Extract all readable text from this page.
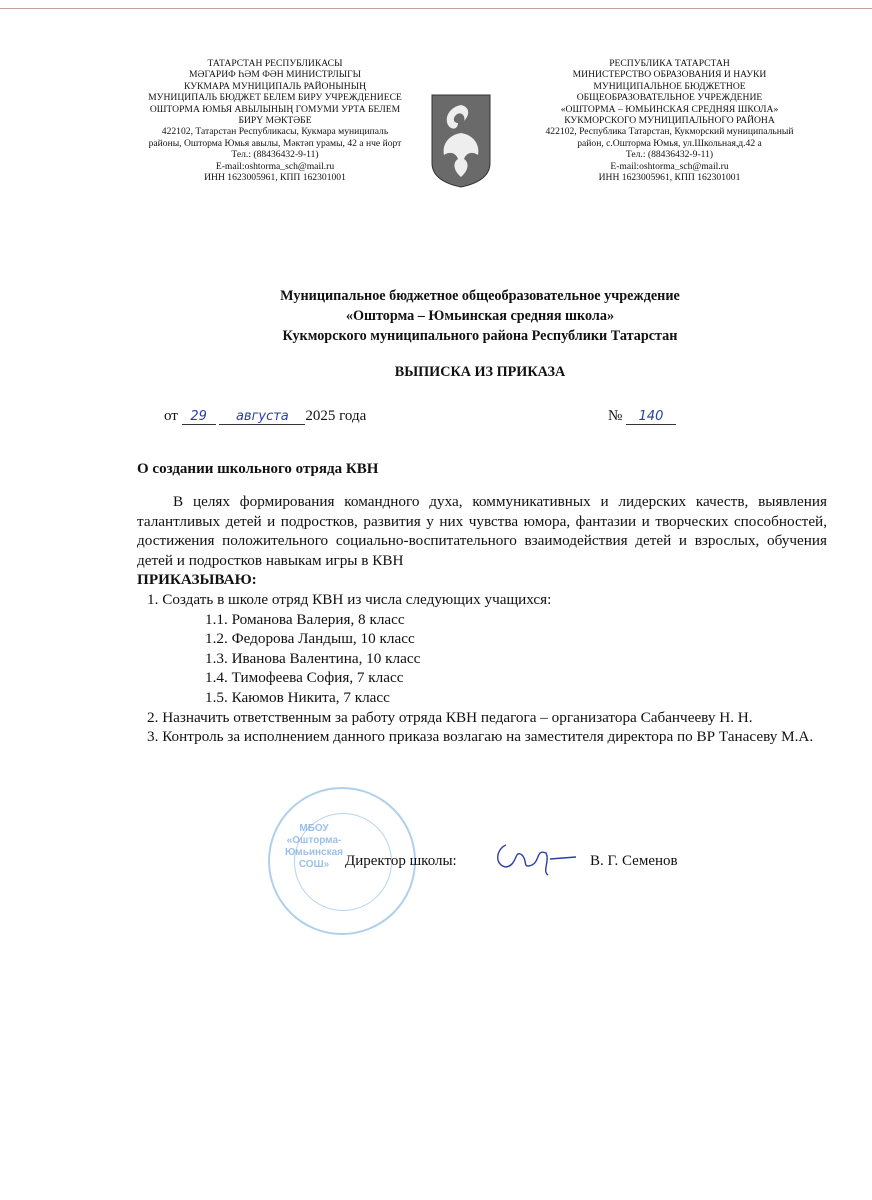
ТАТАРСТАН РЕСПУБЛИКАСЫ
МӘГАРИФ ҺӘМ ФӘН МИНИСТРЛЫГЫ
КУКМАРА МУНИЦИПАЛЬ РАЙОНЫНЫҢ
МУНИЦИПАЛЬ БЮДЖЕТ БЕЛЕМ БИРУ УЧРЕЖДЕНИЕСЕ
ОШТОРМА ЮМЬЯ АВЫЛЫНЫҢ ГОМУМИ УРТА БЕЛЕМ
БИРҮ МӘКТӘБЕ
422102, Татарстан Республикасы, Кукмара муниципаль
районы, Ошторма Юмья авылы, Мәктәп урамы, 42 а нче йорт
Тел.: (88436432-9-11)
E-mail:oshtorma_sch@mail.ru
ИНН 1623005961, КПП 162301001
РЕСПУБЛИКА ТАТАРСТАН
МИНИСТЕРСТВО ОБРАЗОВАНИЯ И НАУКИ
МУНИЦИПАЛЬНОЕ БЮДЖЕТНОЕ
ОБЩЕОБРАЗОВАТЕЛЬНОЕ УЧРЕЖДЕНИЕ
«ОШТОРМА – ЮМЬИНСКАЯ СРЕДНЯЯ ШКОЛА»
КУКМОРСКОГО МУНИЦИПАЛЬНОГО РАЙОНА
422102, Республика Татарстан, Кукморский муниципальный
район, с.Ошторма Юмья, ул.Школьная,д.42 а
Тел.: (88436432-9-11)
E-mail:oshtorma_sch@mail.ru
ИНН 1623005961, КПП 162301001
Муниципальное бюджетное общеобразовательное учреждение
«Ошторма – Юмьинская средняя школа»
Кукморского муниципального района Республики Татарстан
ВЫПИСКА ИЗ ПРИКАЗА
от 29 августа 2025 года	№ 140
О создании школьного отряда КВН
В целях формирования командного духа, коммуникативных и лидерских качеств, выявления талантливых детей и подростков, развития у них чувства юмора, фантазии и творческих способностей, достижения положительного социально-воспитательного взаимодействия детей и взрослых, обучения детей и подростков навыкам игры в КВН
ПРИКАЗЫВАЮ:
1. Создать в школе отряд КВН из числа следующих учащихся:
1.1. Романова Валерия, 8 класс
1.2. Федорова Ландыш, 10 класс
1.3. Иванова Валентина, 10 класс
1.4. Тимофеева София, 7 класс
1.5. Каюмов Никита, 7 класс
2. Назначить ответственным за работу отряда КВН педагога – организатора Сабанчееву Н. Н.
3. Контроль за исполнением данного приказа возлагаю на заместителя директора по ВР Танасеву М.А.
МБОУ «Ошторма-Юмьинская СОШ»	Директор школы:	В. Г. Семенов
